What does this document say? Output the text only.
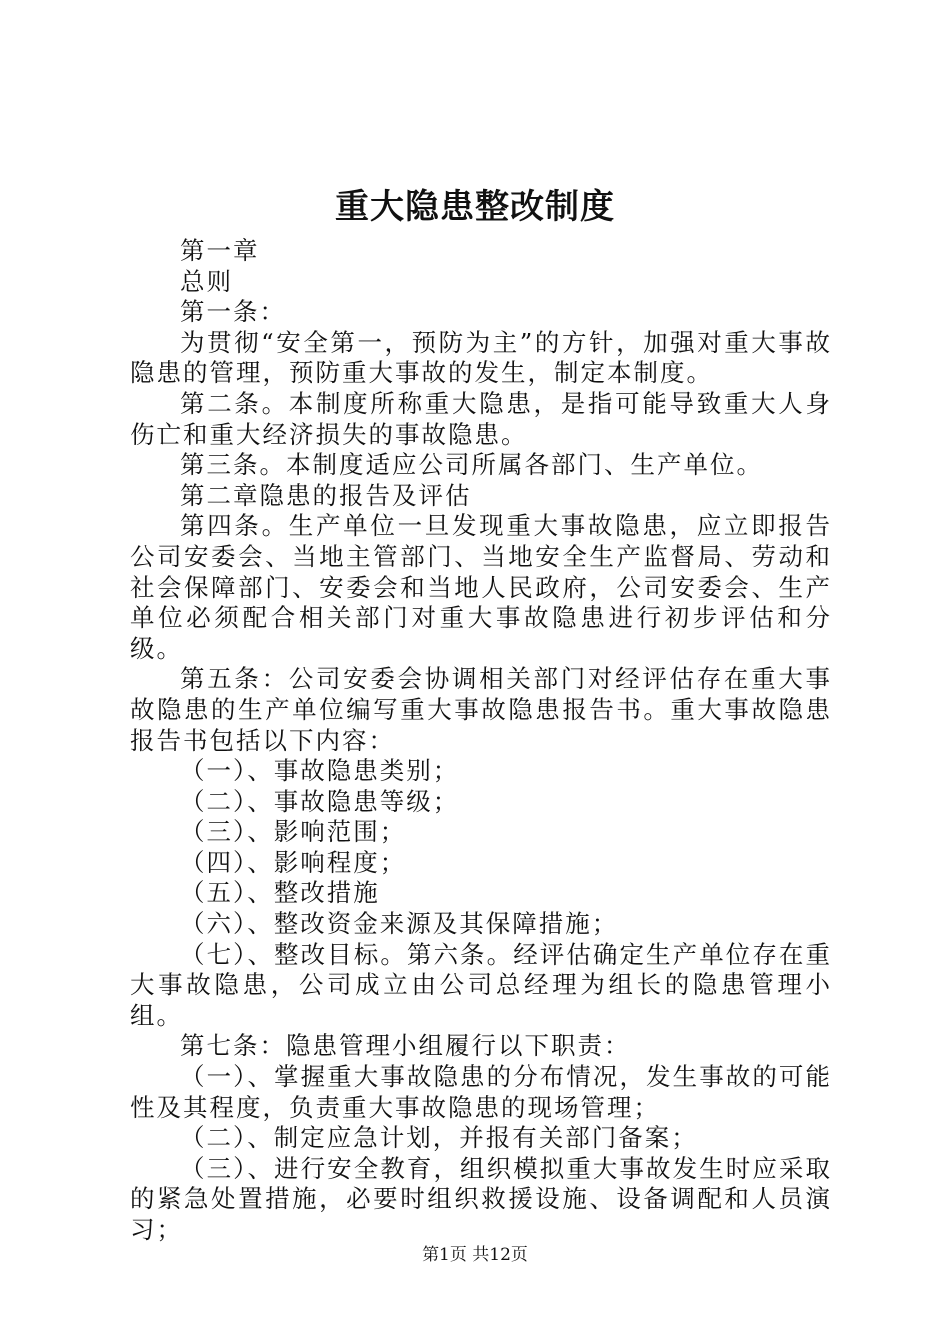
重大隐患整改制度

第一章

总则

第一条：

为贯彻“安全第一，预防为主”的方针，加强对重大事故隐患的管理，预防重大事故的发生，制定本制度。

第二条。本制度所称重大隐患，是指可能导致重大人身伤亡和重大经济损失的事故隐患。

第三条。本制度适应公司所属各部门、生产单位。

第二章隐患的报告及评估

第四条。生产单位一旦发现重大事故隐患，应立即报告公司安委会、当地主管部门、当地安全生产监督局、劳动和社会保障部门、安委会和当地人民政府，公司安委会、生产单位必须配合相关部门对重大事故隐患进行初步评估和分级。

第五条：公司安委会协调相关部门对经评估存在重大事故隐患的生产单位编写重大事故隐患报告书。重大事故隐患报告书包括以下内容：

（一）、事故隐患类别；

（二）、事故隐患等级；

（三）、影响范围；

（四）、影响程度；

（五）、整改措施

（六）、整改资金来源及其保障措施；

（七）、整改目标。第六条。经评估确定生产单位存在重大事故隐患，公司成立由公司总经理为组长的隐患管理小组。

第七条：隐患管理小组履行以下职责：

（一）、掌握重大事故隐患的分布情况，发生事故的可能性及其程度，负责重大事故隐患的现场管理；

（二）、制定应急计划，并报有关部门备案；

（三）、进行安全教育，组织模拟重大事故发生时应采取的紧急处置措施，必要时组织救援设施、设备调配和人员演习；

第1页 共12页
